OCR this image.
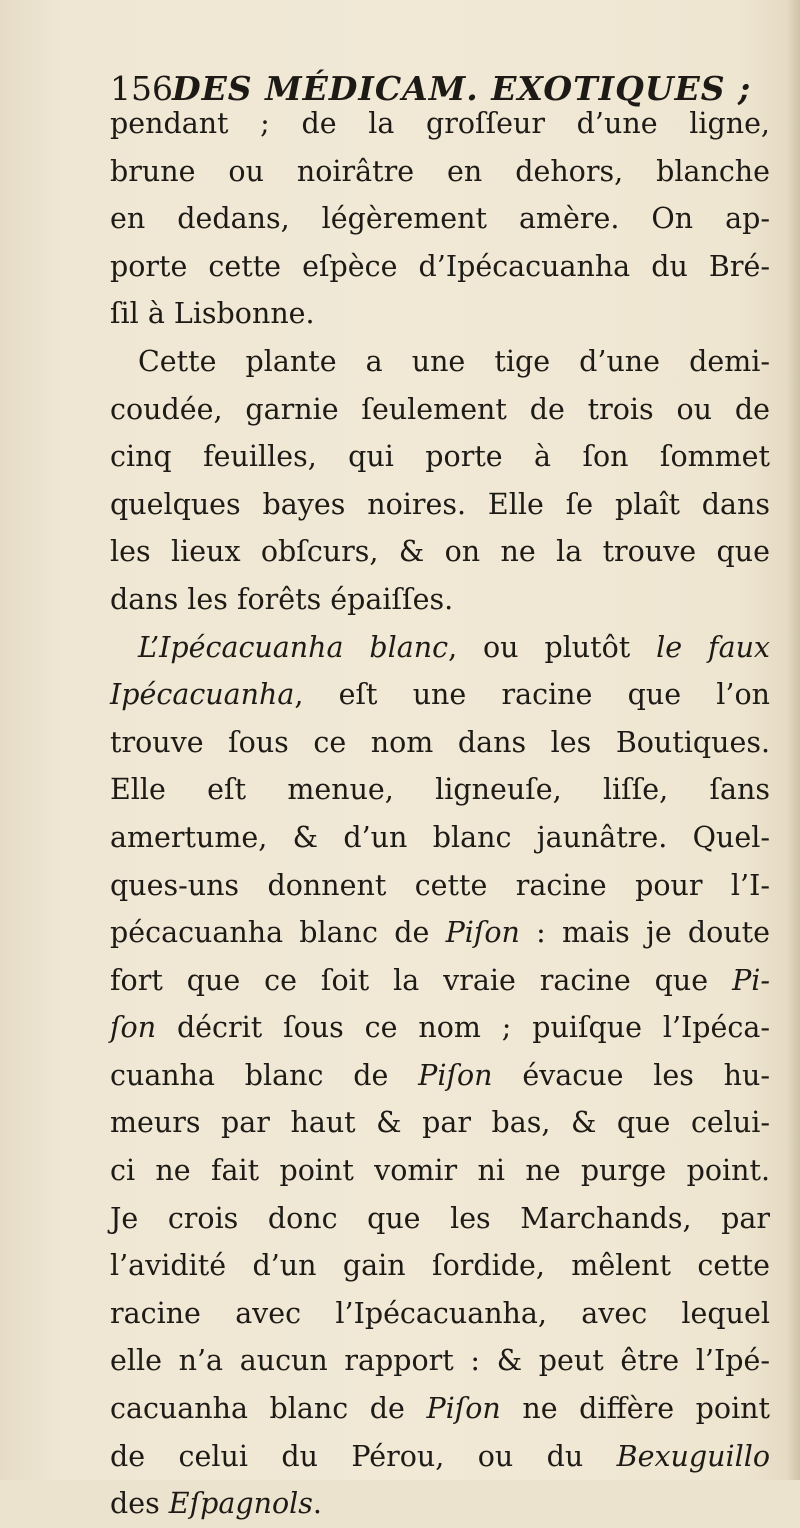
156 DES MÉDICAM. EXOTIQUES ;
pendant ; de la groſſeur d’une ligne,
brune ou noirâtre en dehors, blanche
en dedans, légèrement amère. On ap-
porte cette eſpèce d’Ipécacuanha du Bré-
ſil à Lisbonne.
Cette plante a une tige d’une demi-
coudée, garnie ſeulement de trois ou de
cinq feuilles, qui porte à ſon ſommet
quelques bayes noires. Elle ſe plaît dans
les lieux obſcurs, & on ne la trouve que
dans les forêts épaiſſes.
L’Ipécacuanha blanc, ou plutôt le faux
Ipécacuanha, eſt une racine que l’on
trouve ſous ce nom dans les Boutiques.
Elle eſt menue, ligneuſe, liſſe, ſans
amertume, & d’un blanc jaunâtre. Quel-
ques-uns donnent cette racine pour l’I-
pécacuanha blanc de Piſon : mais je doute
fort que ce ſoit la vraie racine que Pi-
ſon décrit ſous ce nom ; puiſque l’Ipéca-
cuanha blanc de Piſon évacue les hu-
meurs par haut & par bas, & que celui-
ci ne fait point vomir ni ne purge point.
Je crois donc que les Marchands, par
l’avidité d’un gain ſordide, mêlent cette
racine avec l’Ipécacuanha, avec lequel
elle n’a aucun rapport : & peut être l’Ipé-
cacuanha blanc de Piſon ne diffère point
de celui du Pérou, ou du Bexuguillo
des Eſpagnols.
